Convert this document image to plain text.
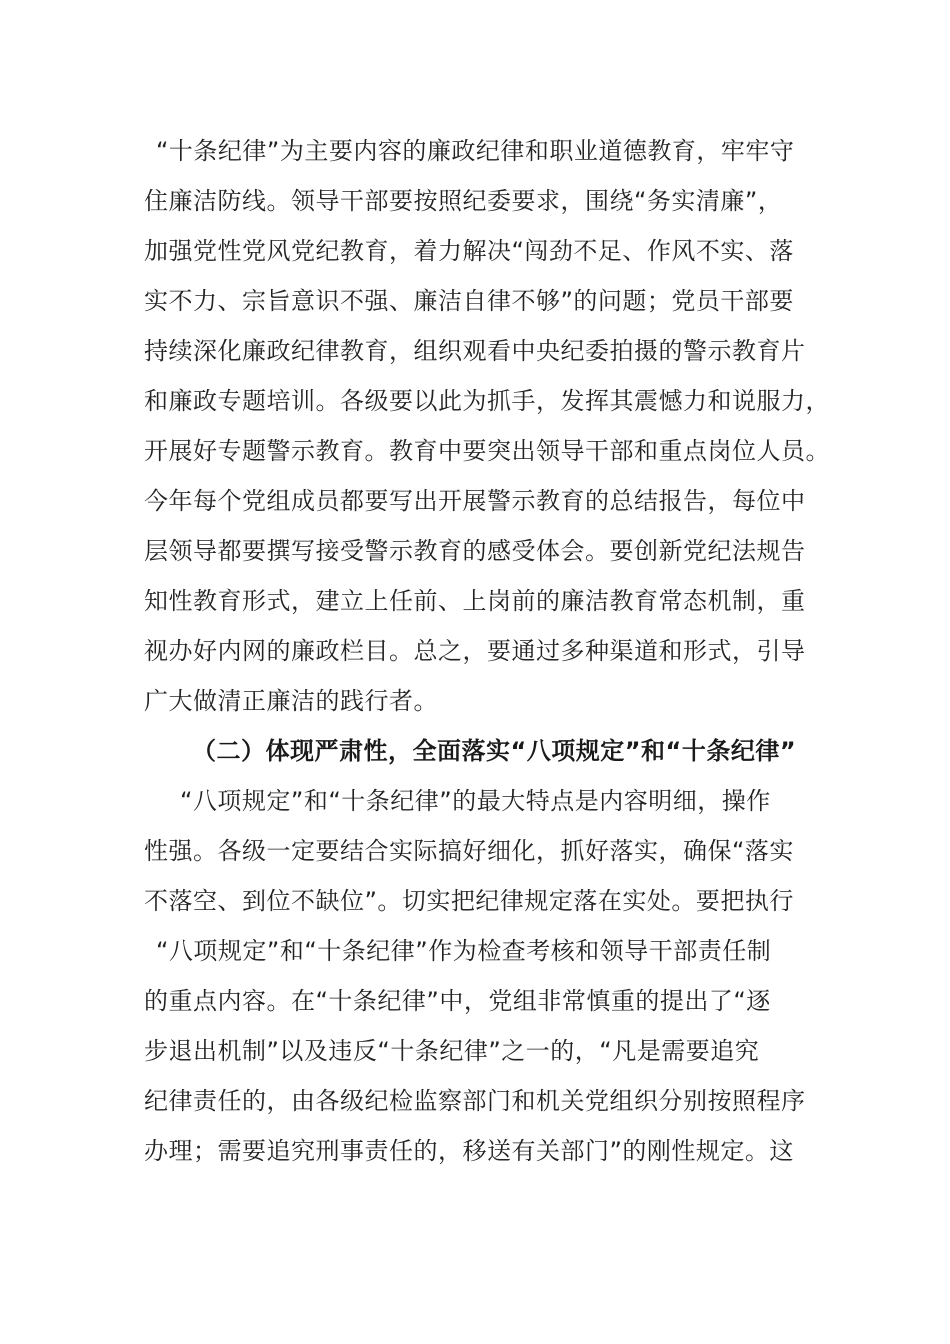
“十条纪律”为主要内容的廉政纪律和职业道德教育，牢牢守
住廉洁防线。领导干部要按照纪委要求，围绕“务实清廉”，
加强党性党风党纪教育，着力解决“闯劲不足、作风不实、落
实不力、宗旨意识不强、廉洁自律不够”的问题；党员干部要
持续深化廉政纪律教育，组织观看中央纪委拍摄的警示教育片
和廉政专题培训。各级要以此为抓手，发挥其震憾力和说服力，
开展好专题警示教育。教育中要突出领导干部和重点岗位人员。
今年每个党组成员都要写出开展警示教育的总结报告，每位中
层领导都要撰写接受警示教育的感受体会。要创新党纪法规告
知性教育形式，建立上任前、上岗前的廉洁教育常态机制，重
视办好内网的廉政栏目。总之，要通过多种渠道和形式，引导
广大做清正廉洁的践行者。
（二）体现严肃性，全面落实“八项规定”和“十条纪律”
“八项规定”和“十条纪律”的最大特点是内容明细，操作
性强。各级一定要结合实际搞好细化，抓好落实，确保“落实
不落空、到位不缺位”。切实把纪律规定落在实处。要把执行
“八项规定”和“十条纪律”作为检查考核和领导干部责任制
的重点内容。在“十条纪律”中，党组非常慎重的提出了“逐
步退出机制”以及违反“十条纪律”之一的，“凡是需要追究
纪律责任的，由各级纪检监察部门和机关党组织分别按照程序
办理；需要追究刑事责任的，移送有关部门”的刚性规定。这
